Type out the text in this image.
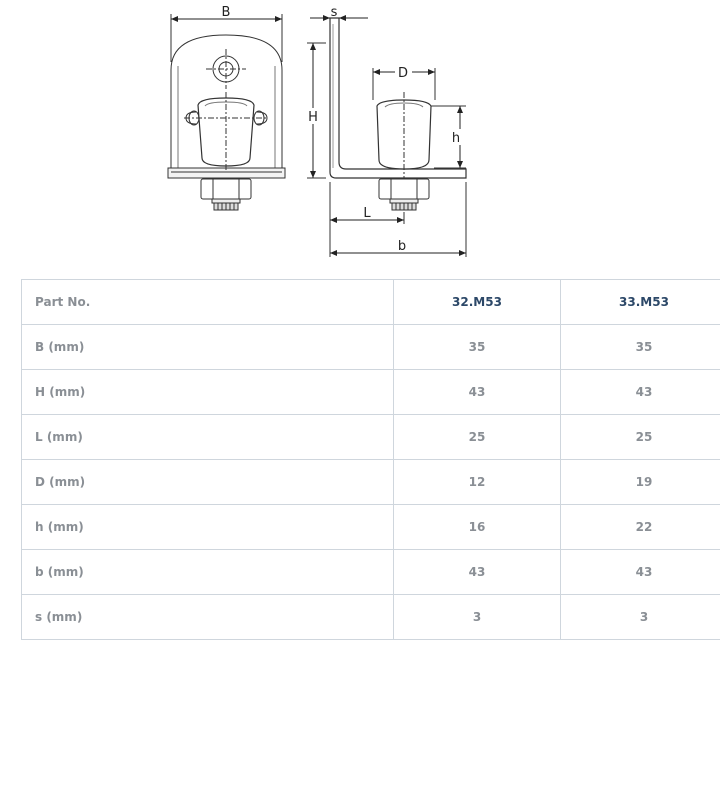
B	s
H
D
h
L
b
Part No.	32.M53	33.M53
B (mm)	35	35
H (mm)	43	43
L (mm)	25	25
D (mm)	12	19
h (mm)	16	22
b (mm)	43	43
s (mm)	3	3
